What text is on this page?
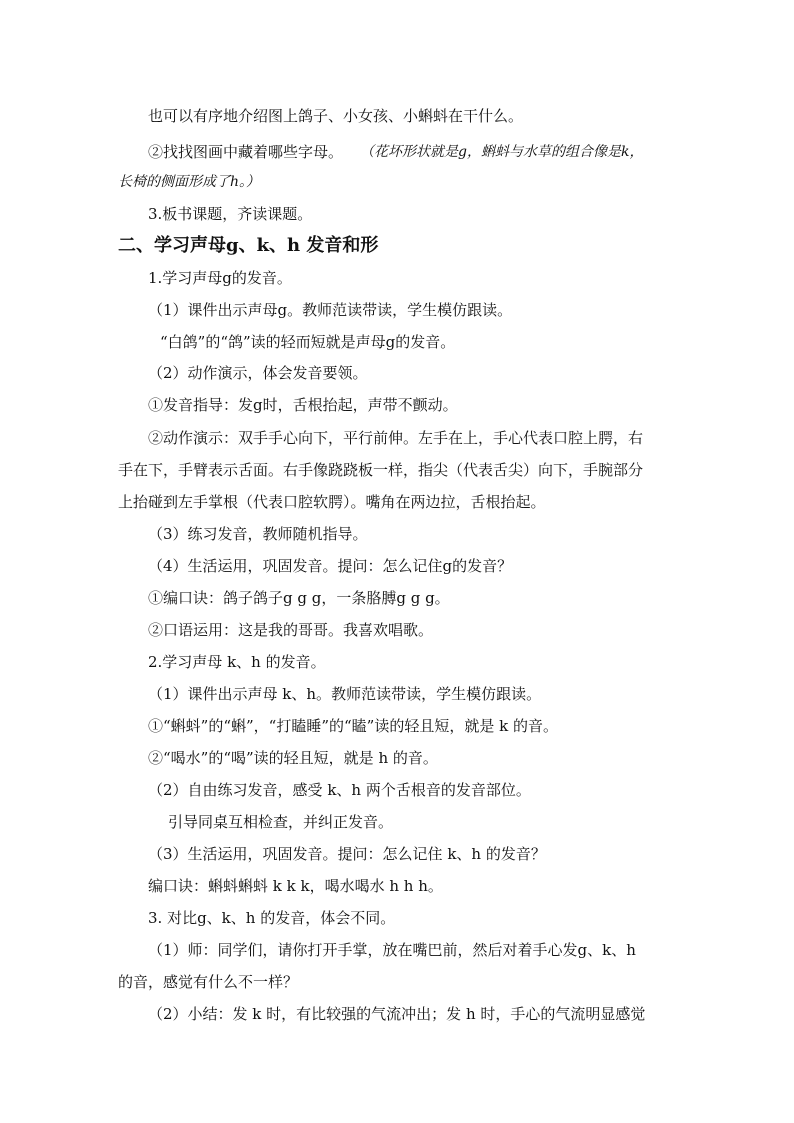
也可以有序地介绍图上鸽子、小女孩、小蝌蚪在干什么。
②找找图画中藏着哪些字母。 （花坏形状就是g，蝌蚪与水草的组合像是k，
长椅的侧面形成了h。）
3.板书课题，齐读课题。
二、学习声母g、k、h 发音和形
1.学习声母g的发音。
（1）课件出示声母g。教师范读带读，学生模仿跟读。
“白鸽”的“鸽”读的轻而短就是声母g的发音。
（2）动作演示，体会发音要领。
①发音指导：发g时，舌根抬起，声带不颤动。
②动作演示：双手手心向下，平行前伸。左手在上，手心代表口腔上腭，右
手在下，手臂表示舌面。右手像跷跷板一样，指尖（代表舌尖）向下，手腕部分
上抬碰到左手掌根（代表口腔软腭）。嘴角在两边拉，舌根抬起。
（3）练习发音，教师随机指导。
（4）生活运用，巩固发音。提问：怎么记住g的发音？
①编口诀：鸽子鸽子g g g，一条胳膊g g g。
②口语运用：这是我的哥哥。我喜欢唱歌。
2.学习声母 k、h 的发音。
（1）课件出示声母 k、h。教师范读带读，学生模仿跟读。
①“蝌蚪”的“蝌”，“打瞌睡”的“瞌”读的轻且短，就是 k 的音。
②“喝水”的“喝”读的轻且短，就是 h 的音。
（2）自由练习发音，感受 k、h 两个舌根音的发音部位。
引导同桌互相检查，并纠正发音。
（3）生活运用，巩固发音。提问：怎么记住 k、h 的发音？
编口诀：蝌蚪蝌蚪 k k k，喝水喝水 h h h。
3. 对比g、k、h 的发音，体会不同。
（1）师：同学们，请你打开手掌，放在嘴巴前，然后对着手心发g、k、h
的音，感觉有什么不一样？
（2）小结：发 k 时，有比较强的气流冲出；发 h 时，手心的气流明显感觉
